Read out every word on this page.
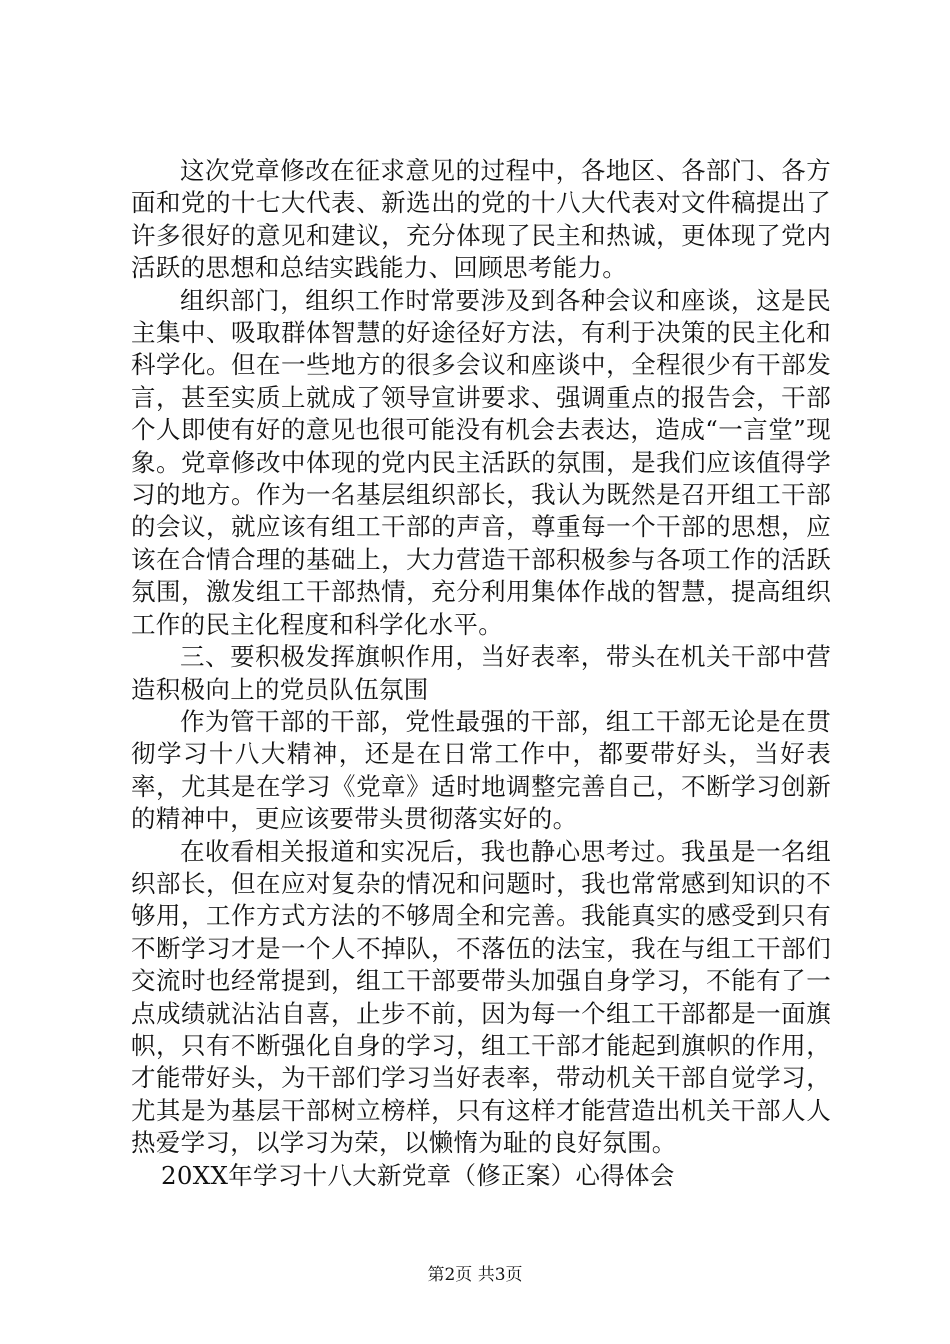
这次党章修改在征求意见的过程中，各地区、各部门、各方面和党的十七大代表、新选出的党的十八大代表对文件稿提出了许多很好的意见和建议，充分体现了民主和热诚，更体现了党内活跃的思想和总结实践能力、回顾思考能力。

组织部门，组织工作时常要涉及到各种会议和座谈，这是民主集中、吸取群体智慧的好途径好方法，有利于决策的民主化和科学化。但在一些地方的很多会议和座谈中，全程很少有干部发言，甚至实质上就成了领导宣讲要求、强调重点的报告会，干部个人即使有好的意见也很可能没有机会去表达，造成“一言堂”现象。党章修改中体现的党内民主活跃的氛围，是我们应该值得学习的地方。作为一名基层组织部长，我认为既然是召开组工干部的会议，就应该有组工干部的声音，尊重每一个干部的思想，应该在合情合理的基础上，大力营造干部积极参与各项工作的活跃氛围，激发组工干部热情，充分利用集体作战的智慧，提高组织工作的民主化程度和科学化水平。

三、要积极发挥旗帜作用，当好表率，带头在机关干部中营造积极向上的党员队伍氛围

作为管干部的干部，党性最强的干部，组工干部无论是在贯彻学习十八大精神，还是在日常工作中，都要带好头，当好表率，尤其是在学习《党章》适时地调整完善自己，不断学习创新的精神中，更应该要带头贯彻落实好的。

在收看相关报道和实况后，我也静心思考过。我虽是一名组织部长，但在应对复杂的情况和问题时，我也常常感到知识的不够用，工作方式方法的不够周全和完善。我能真实的感受到只有不断学习才是一个人不掉队，不落伍的法宝，我在与组工干部们交流时也经常提到，组工干部要带头加强自身学习，不能有了一点成绩就沾沾自喜，止步不前，因为每一个组工干部都是一面旗帜，只有不断强化自身的学习，组工干部才能起到旗帜的作用，才能带好头，为干部们学习当好表率，带动机关干部自觉学习，尤其是为基层干部树立榜样，只有这样才能营造出机关干部人人热爱学习，以学习为荣，以懒惰为耻的良好氛围。

20XX年学习十八大新党章（修正案）心得体会

第2页 共3页
